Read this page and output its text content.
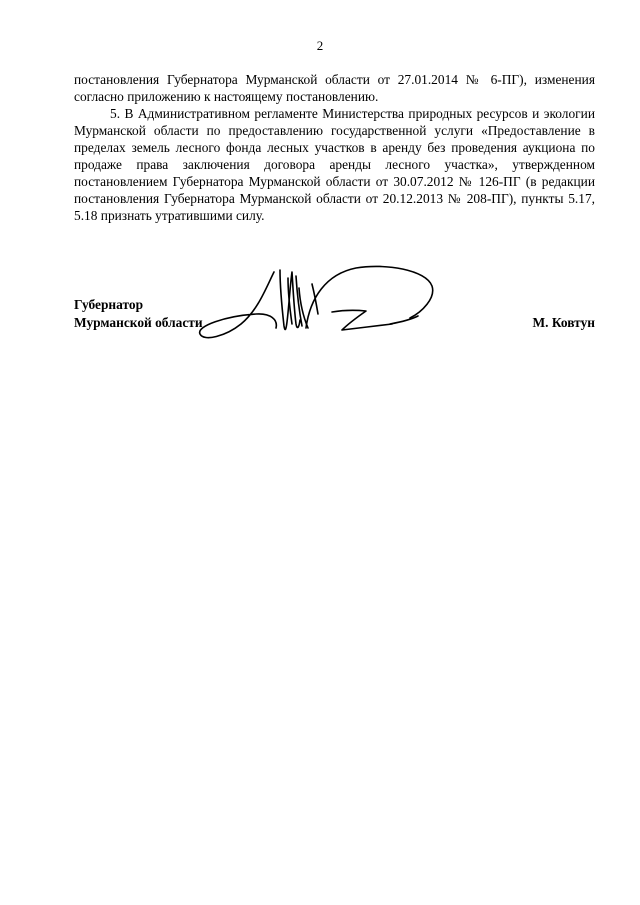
2

постановления Губернатора Мурманской области от 27.01.2014 № 6-ПГ), изменения согласно приложению к настоящему постановлению.

5. В Административном регламенте Министерства природных ресурсов и экологии Мурманской области по предоставлению государственной услуги «Предоставление в пределах земель лесного фонда лесных участков в аренду без проведения аукциона по продаже права заключения договора аренды лесного участка», утвержденном постановлением Губернатора Мурманской области от 30.07.2012 № 126-ПГ (в редакции постановления Губернатора Мурманской области от 20.12.2013 № 208-ПГ), пункты 5.17, 5.18 признать утратившими силу.

Губернатор
Мурманской области	М. Ковтун
